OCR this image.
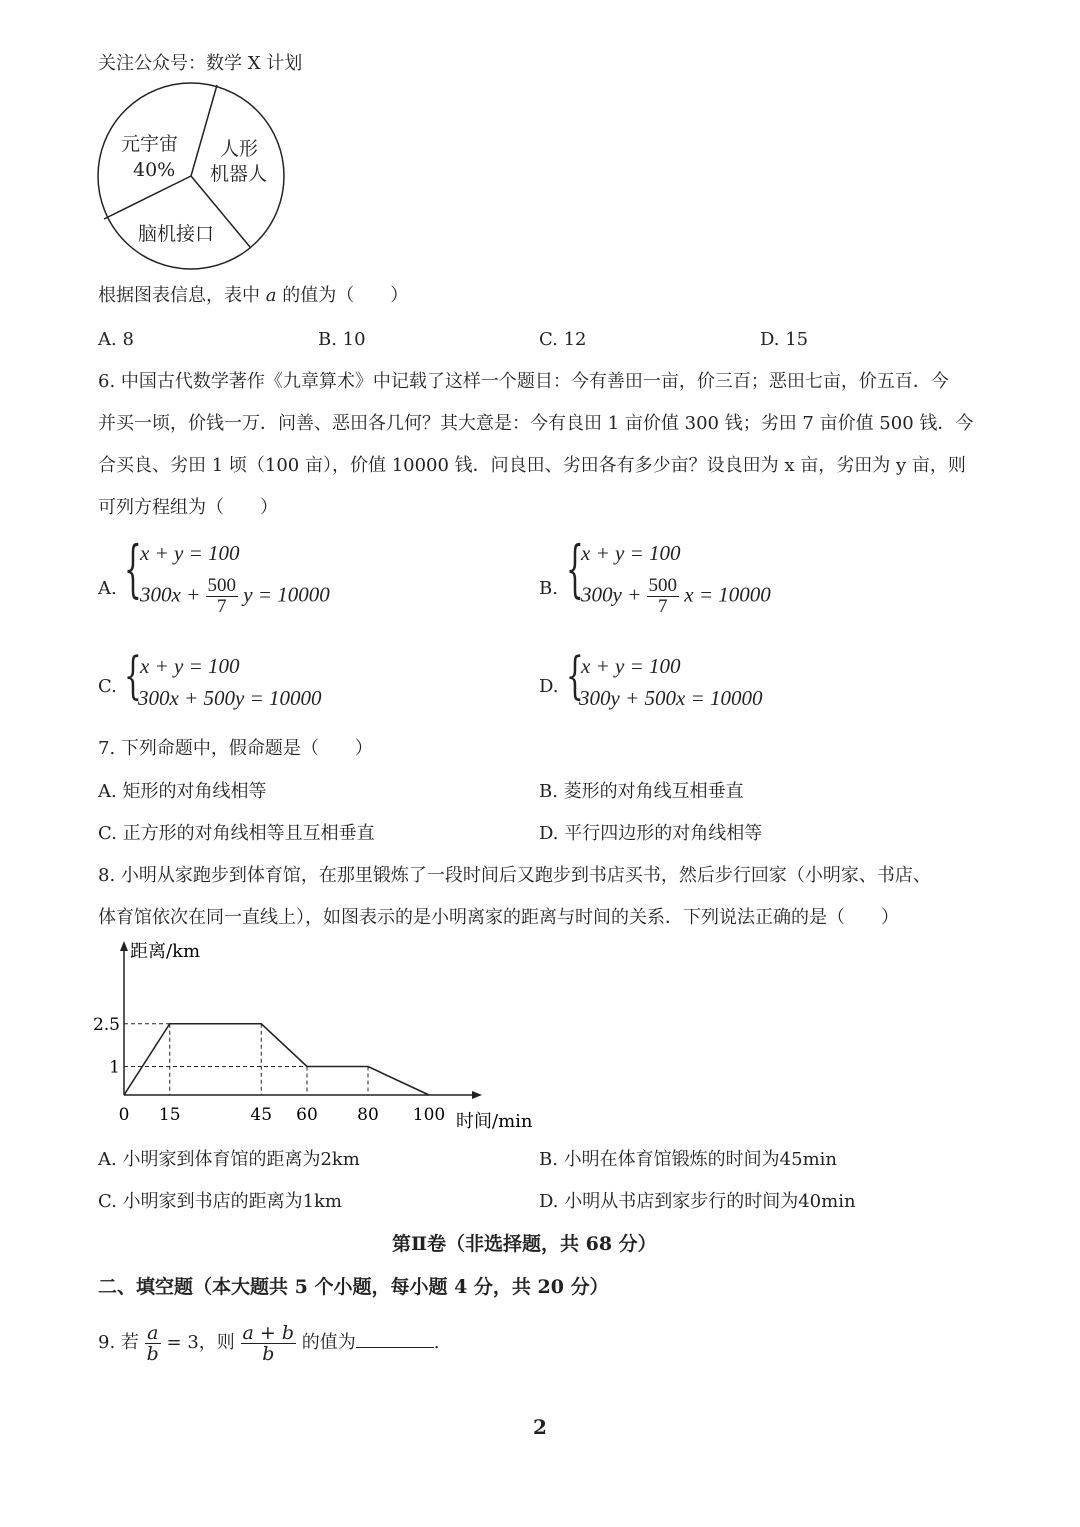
关注公众号：数学 X 计划
元宇宙
40%
人形
机器人
脑机接口
根据图表信息，表中 a 的值为（　　）
A. 8	B. 10	C. 12	D. 15
6. 中国古代数学著作《九章算术》中记载了这样一个题目：今有善田一亩，价三百；恶田七亩，价五百．今
并买一顷，价钱一万．问善、恶田各几何？其大意是：今有良田 1 亩价值 300 钱；劣田 7 亩价值 500 钱．今
合买良、劣田 1 顷（100 亩），价值 10000 钱．问良田、劣田各有多少亩？设良田为 x 亩，劣田为 y 亩，则
可列方程组为（　　）
A. {
x + y = 100
$300x + \frac{500}{7}$ y = 10000	B. {
x + y = 100
$300y + \frac{500}{7}$ x = 10000
C. {
x + y = 100
300x + 500y = 10000	D. {
x + y = 100
300y + 500x = 10000
7. 下列命题中，假命题是（　　）
A. 矩形的对角线相等	B. 菱形的对角线互相垂直
C. 正方形的对角线相等且互相垂直	D. 平行四边形的对角线相等
8. 小明从家跑步到体育馆，在那里锻炼了一段时间后又跑步到书店买书，然后步行回家（小明家、书店、
体育馆依次在同一直线上），如图表示的是小明离家的距离与时间的关系．下列说法正确的是（　　）
距离/km
时间/min
0 15	45 60 80 100
2.5
1
A. 小明家到体育馆的距离为2km	B. 小明在体育馆锻炼的时间为45min
C. 小明家到书店的距离为1km	D. 小明从书店到家步行的时间为40min
第Ⅱ卷（非选择题，共 68 分）
二、填空题（本大题共 5 个小题，每小题 4 分，共 20 分）
9. 若 $\frac{a}{b} = 3$，则 $\frac{a + b}{b}$ 的值为	.
2
